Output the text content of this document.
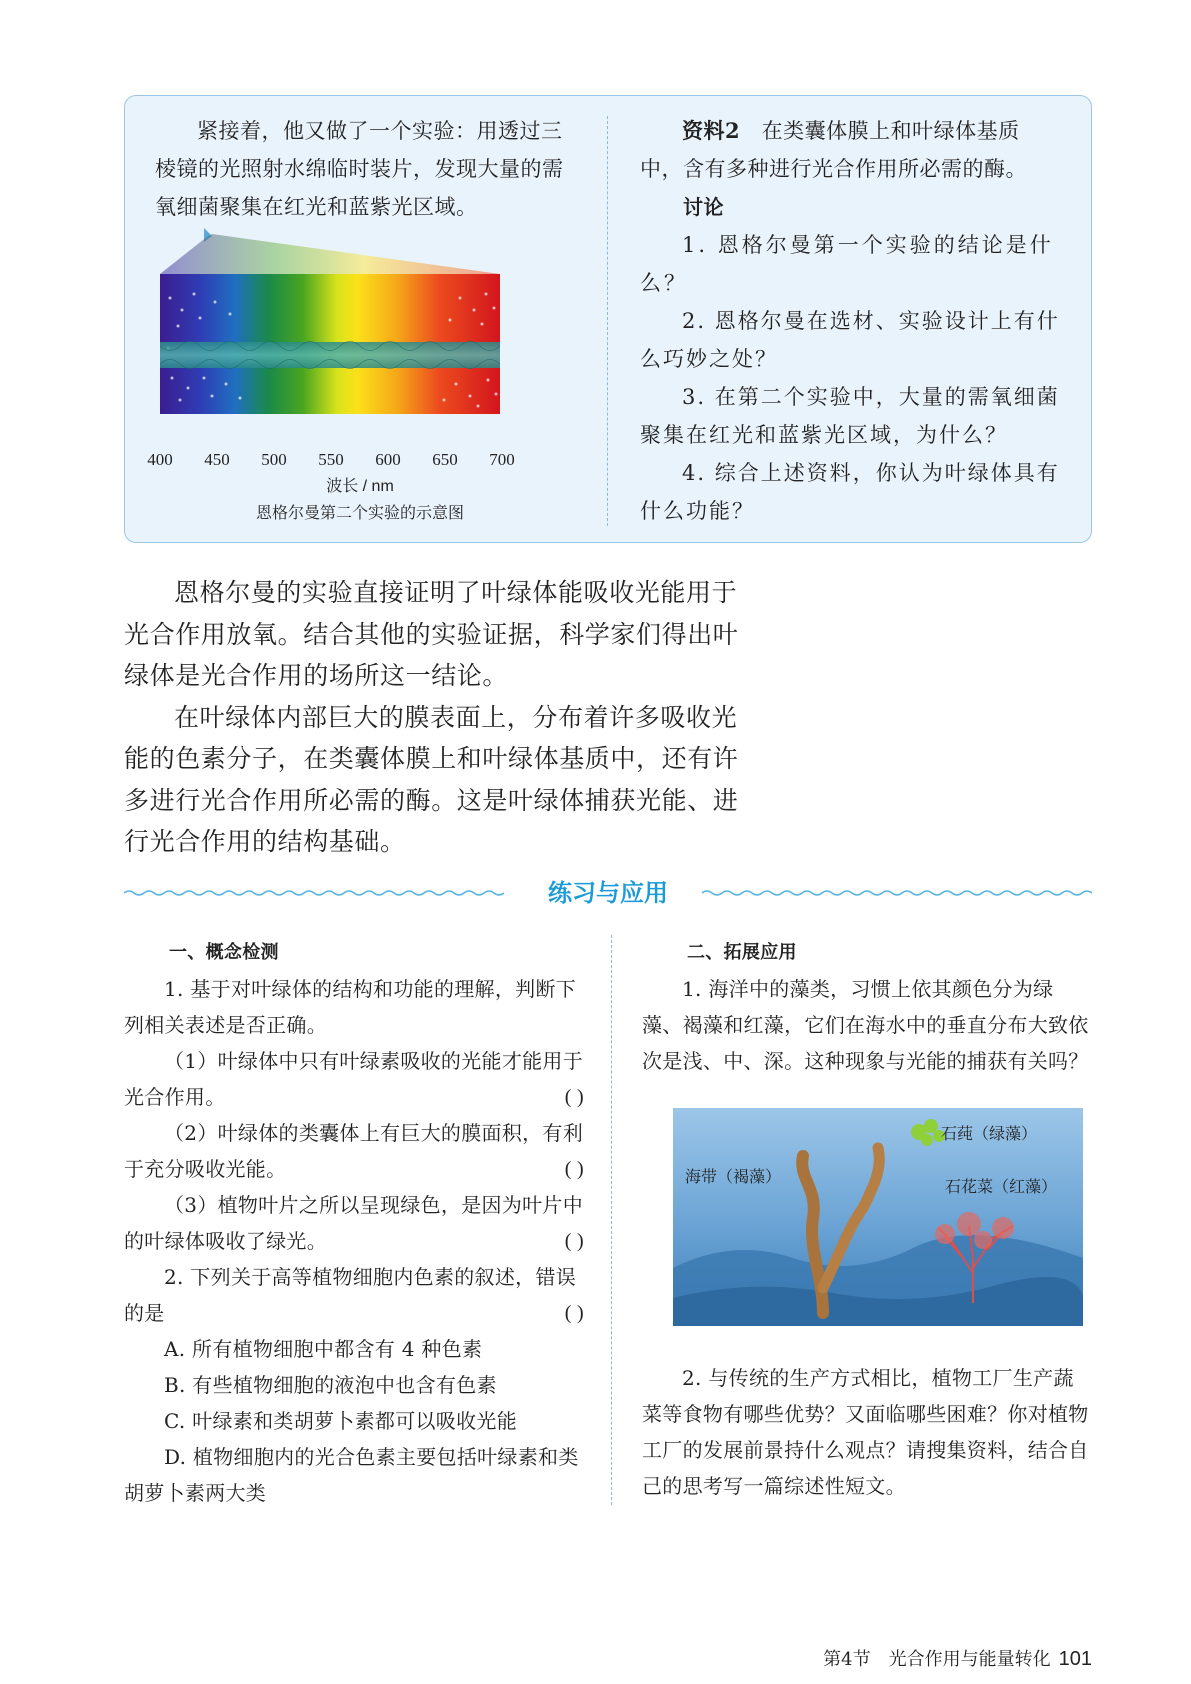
紧接着，他又做了一个实验：用透过三棱镜的光照射水绵临时装片，发现大量的需氧细菌聚集在红光和蓝紫光区域。

400 450 500 550 600 650 700
波长 / nm
恩格尔曼第二个实验的示意图

资料2　 在类囊体膜上和叶绿体基质中，含有多种进行光合作用所必需的酶。

讨论

1. 恩格尔曼第一个实验的结论是什么？

2. 恩格尔曼在选材、实验设计上有什么巧妙之处？

3. 在第二个实验中，大量的需氧细菌聚集在红光和蓝紫光区域，为什么？

4. 综合上述资料，你认为叶绿体具有什么功能？

恩格尔曼的实验直接证明了叶绿体能吸收光能用于光合作用放氧。结合其他的实验证据，科学家们得出叶绿体是光合作用的场所这一结论。

在叶绿体内部巨大的膜表面上，分布着许多吸收光能的色素分子，在类囊体膜上和叶绿体基质中，还有许多进行光合作用所必需的酶。这是叶绿体捕获光能、进行光合作用的结构基础。

练习与应用

一、概念检测

1. 基于对叶绿体的结构和功能的理解，判断下列相关表述是否正确。

（1）叶绿体中只有叶绿素吸收的光能才能用于光合作用。	( )

（2）叶绿体的类囊体上有巨大的膜面积，有利于充分吸收光能。	( )

（3）植物叶片之所以呈现绿色，是因为叶片中的叶绿体吸收了绿光。	( )

2. 下列关于高等植物细胞内色素的叙述，错误的是	( )

A. 所有植物细胞中都含有 4 种色素

B. 有些植物细胞的液泡中也含有色素

C. 叶绿素和类胡萝卜素都可以吸收光能

D. 植物细胞内的光合色素主要包括叶绿素和类胡萝卜素两大类

二、拓展应用

1. 海洋中的藻类，习惯上依其颜色分为绿藻、褐藻和红藻，它们在海水中的垂直分布大致依次是浅、中、深。这种现象与光能的捕获有关吗？

石莼（绿藻）
海带（褐藻）
石花菜（红藻）

2. 与传统的生产方式相比，植物工厂生产蔬菜等食物有哪些优势？又面临哪些困难？你对植物工厂的发展前景持什么观点？请搜集资料，结合自己的思考写一篇综述性短文。

第4节　光合作用与能量转化 101
